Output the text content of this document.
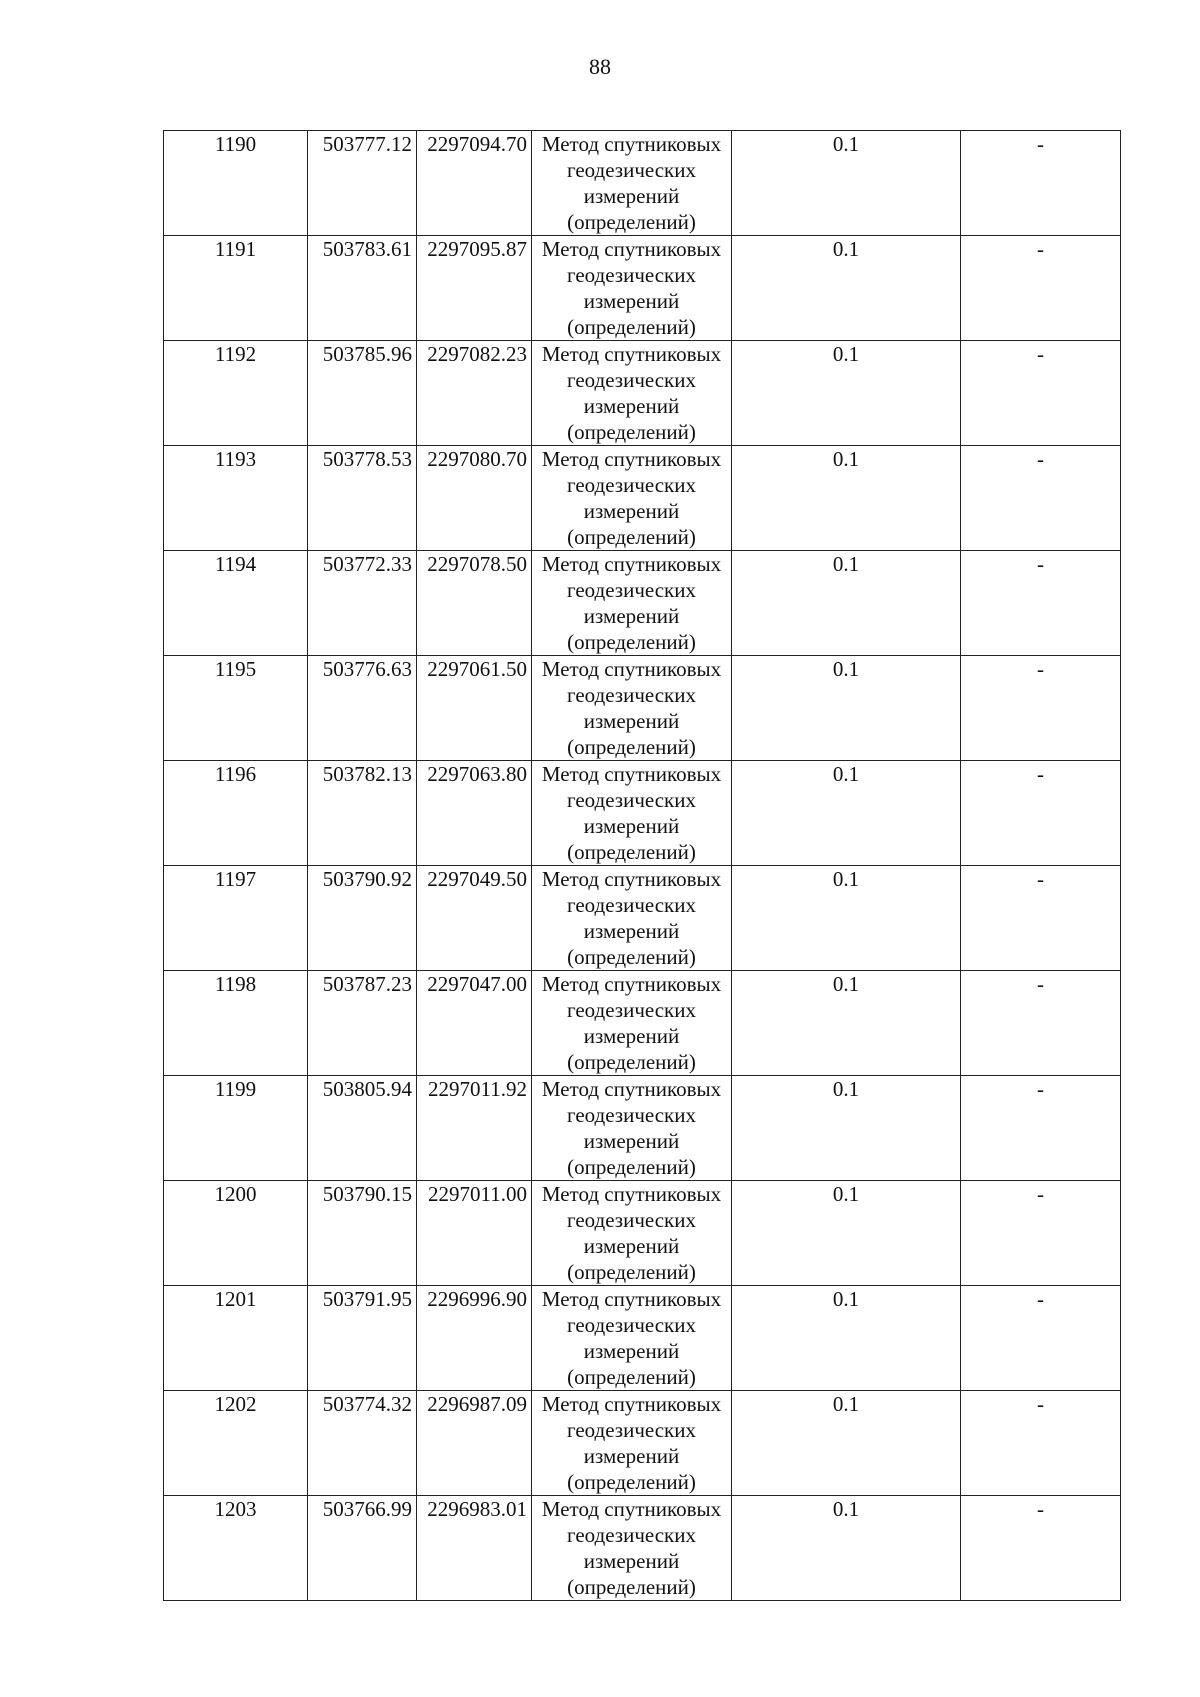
88
1190	503777.12	2297094.70	Метод спутниковых геодезических измерений (определений)	0.1	-
1191	503783.61	2297095.87	Метод спутниковых геодезических измерений (определений)	0.1	-
1192	503785.96	2297082.23	Метод спутниковых геодезических измерений (определений)	0.1	-
1193	503778.53	2297080.70	Метод спутниковых геодезических измерений (определений)	0.1	-
1194	503772.33	2297078.50	Метод спутниковых геодезических измерений (определений)	0.1	-
1195	503776.63	2297061.50	Метод спутниковых геодезических измерений (определений)	0.1	-
1196	503782.13	2297063.80	Метод спутниковых геодезических измерений (определений)	0.1	-
1197	503790.92	2297049.50	Метод спутниковых геодезических измерений (определений)	0.1	-
1198	503787.23	2297047.00	Метод спутниковых геодезических измерений (определений)	0.1	-
1199	503805.94	2297011.92	Метод спутниковых геодезических измерений (определений)	0.1	-
1200	503790.15	2297011.00	Метод спутниковых геодезических измерений (определений)	0.1	-
1201	503791.95	2296996.90	Метод спутниковых геодезических измерений (определений)	0.1	-
1202	503774.32	2296987.09	Метод спутниковых геодезических измерений (определений)	0.1	-
1203	503766.99	2296983.01	Метод спутниковых геодезических измерений (определений)	0.1	-
